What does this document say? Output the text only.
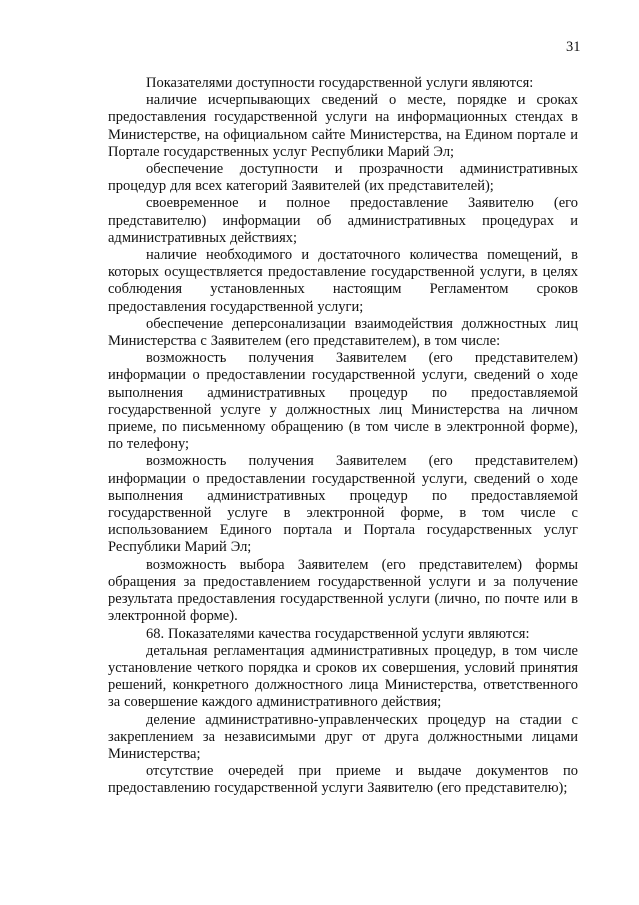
31

Показателями доступности государственной услуги являются:

наличие исчерпывающих сведений о месте, порядке и сроках предоставления государственной услуги на информационных стендах в Министерстве, на официальном сайте Министерства, на Едином портале и Портале государственных услуг Республики Марий Эл;

обеспечение доступности и прозрачности административных процедур для всех категорий Заявителей (их представителей);

своевременное и полное предоставление Заявителю (его представителю) информации об административных процедурах и административных действиях;

наличие необходимого и достаточного количества помещений, в которых осуществляется предоставление государственной услуги, в целях соблюдения установленных настоящим Регламентом сроков предоставления государственной услуги;

обеспечение деперсонализации взаимодействия должностных лиц Министерства с Заявителем (его представителем), в том числе:

возможность получения Заявителем (его представителем) информации о предоставлении государственной услуги, сведений о ходе выполнения административных процедур по предоставляемой государственной услуге у должностных лиц Министерства на личном приеме, по письменному обращению (в том числе в электронной форме), по телефону;

возможность получения Заявителем (его представителем) информации о предоставлении государственной услуги, сведений о ходе выполнения административных процедур по предоставляемой государственной услуге в электронной форме, в том числе с использованием Единого портала и Портала государственных услуг Республики Марий Эл;

возможность выбора Заявителем (его представителем) формы обращения за предоставлением государственной услуги и за получение результата предоставления государственной услуги (лично, по почте или в электронной форме).

68. Показателями качества государственной услуги являются:

детальная регламентация административных процедур, в том числе установление четкого порядка и сроков их совершения, условий принятия решений, конкретного должностного лица Министерства, ответственного за совершение каждого административного действия;

деление административно-управленческих процедур на стадии с закреплением за независимыми друг от друга должностными лицами Министерства;

отсутствие очередей при приеме и выдаче документов по предоставлению государственной услуги Заявителю (его представителю);
